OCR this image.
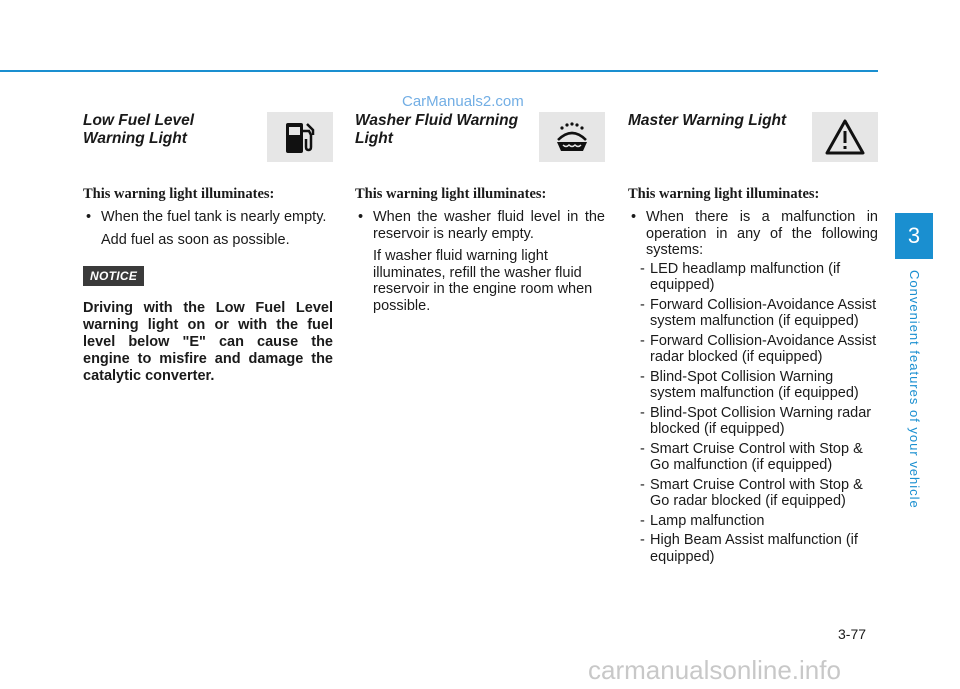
CarManuals2.com

Low Fuel Level Warning Light

This warning light illuminates:

• When the fuel tank is nearly empty.

Add fuel as soon as possible.

NOTICE

Driving with the Low Fuel Level warning light on or with the fuel level below "E" can cause the engine to misfire and damage the catalytic converter.

Washer Fluid Warning Light

This warning light illuminates:

• When the washer fluid level in the reservoir is nearly empty.

If washer fluid warning light illuminates, refill the washer fluid reservoir in the engine room when possible.

Master Warning Light

This warning light illuminates:

• When there is a malfunction in operation in any of the following systems:

- LED headlamp malfunction (if equipped)
- Forward Collision-Avoidance Assist system malfunction (if equipped)
- Forward Collision-Avoidance Assist radar blocked (if equipped)
- Blind-Spot Collision Warning system malfunction (if equipped)
- Blind-Spot Collision Warning radar blocked (if equipped)
- Smart Cruise Control with Stop & Go malfunction (if equipped)
- Smart Cruise Control with Stop & Go radar blocked (if equipped)
- Lamp malfunction
- High Beam Assist malfunction (if equipped)
3
Convenient features of your vehicle
3-77
carmanualsonline.info
